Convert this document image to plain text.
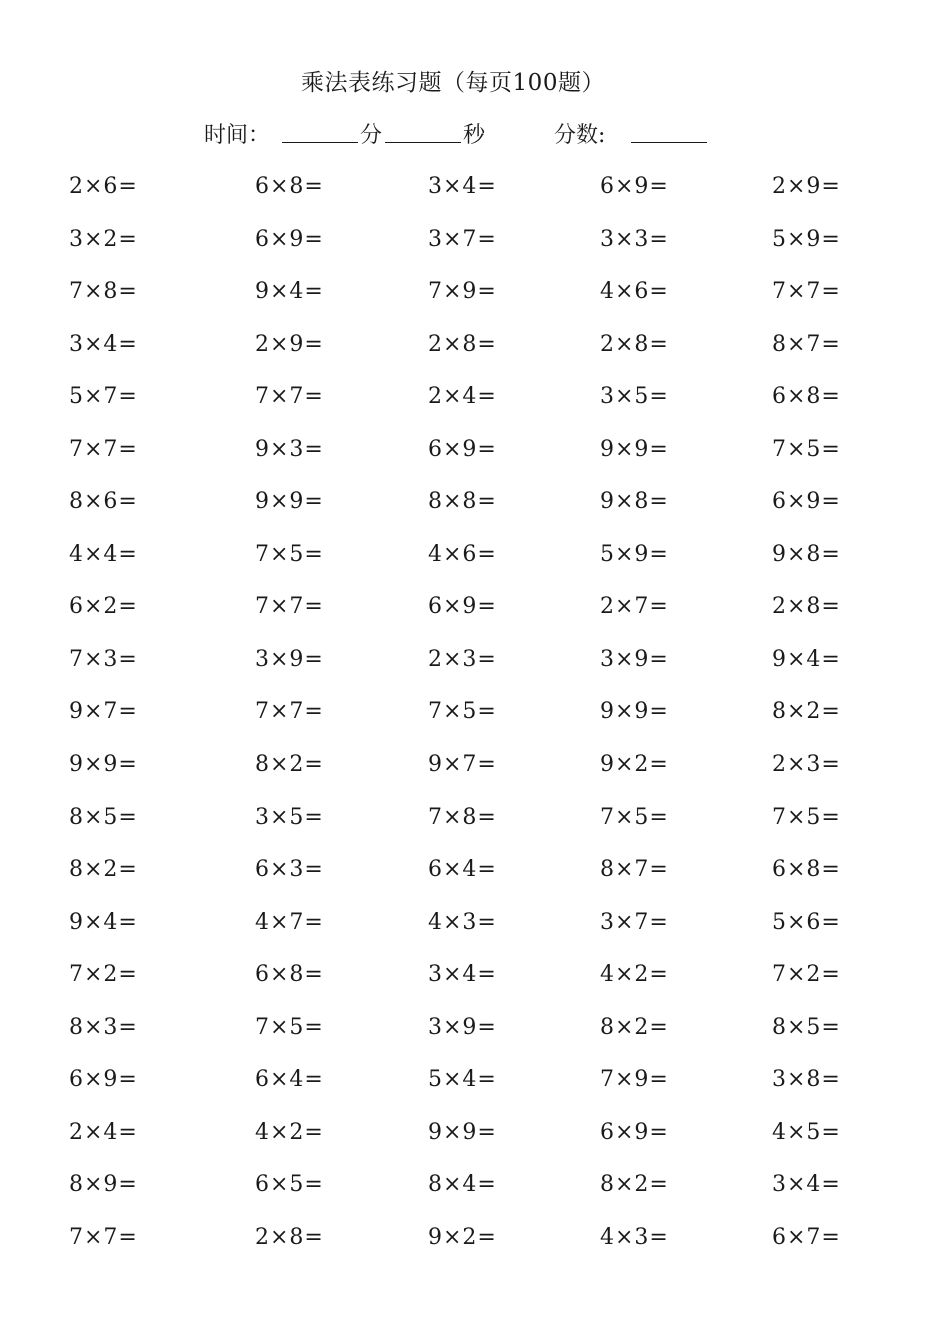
乘法表练习题（每页100题）
时间：	分	秒	分数:
2×6=	6×8=	3×4=	6×9=	2×9=
3×2=	6×9=	3×7=	3×3=	5×9=
7×8=	9×4=	7×9=	4×6=	7×7=
3×4=	2×9=	2×8=	2×8=	8×7=
5×7=	7×7=	2×4=	3×5=	6×8=
7×7=	9×3=	6×9=	9×9=	7×5=
8×6=	9×9=	8×8=	9×8=	6×9=
4×4=	7×5=	4×6=	5×9=	9×8=
6×2=	7×7=	6×9=	2×7=	2×8=
7×3=	3×9=	2×3=	3×9=	9×4=
9×7=	7×7=	7×5=	9×9=	8×2=
9×9=	8×2=	9×7=	9×2=	2×3=
8×5=	3×5=	7×8=	7×5=	7×5=
8×2=	6×3=	6×4=	8×7=	6×8=
9×4=	4×7=	4×3=	3×7=	5×6=
7×2=	6×8=	3×4=	4×2=	7×2=
8×3=	7×5=	3×9=	8×2=	8×5=
6×9=	6×4=	5×4=	7×9=	3×8=
2×4=	4×2=	9×9=	6×9=	4×5=
8×9=	6×5=	8×4=	8×2=	3×4=
7×7=	2×8=	9×2=	4×3=	6×7=
